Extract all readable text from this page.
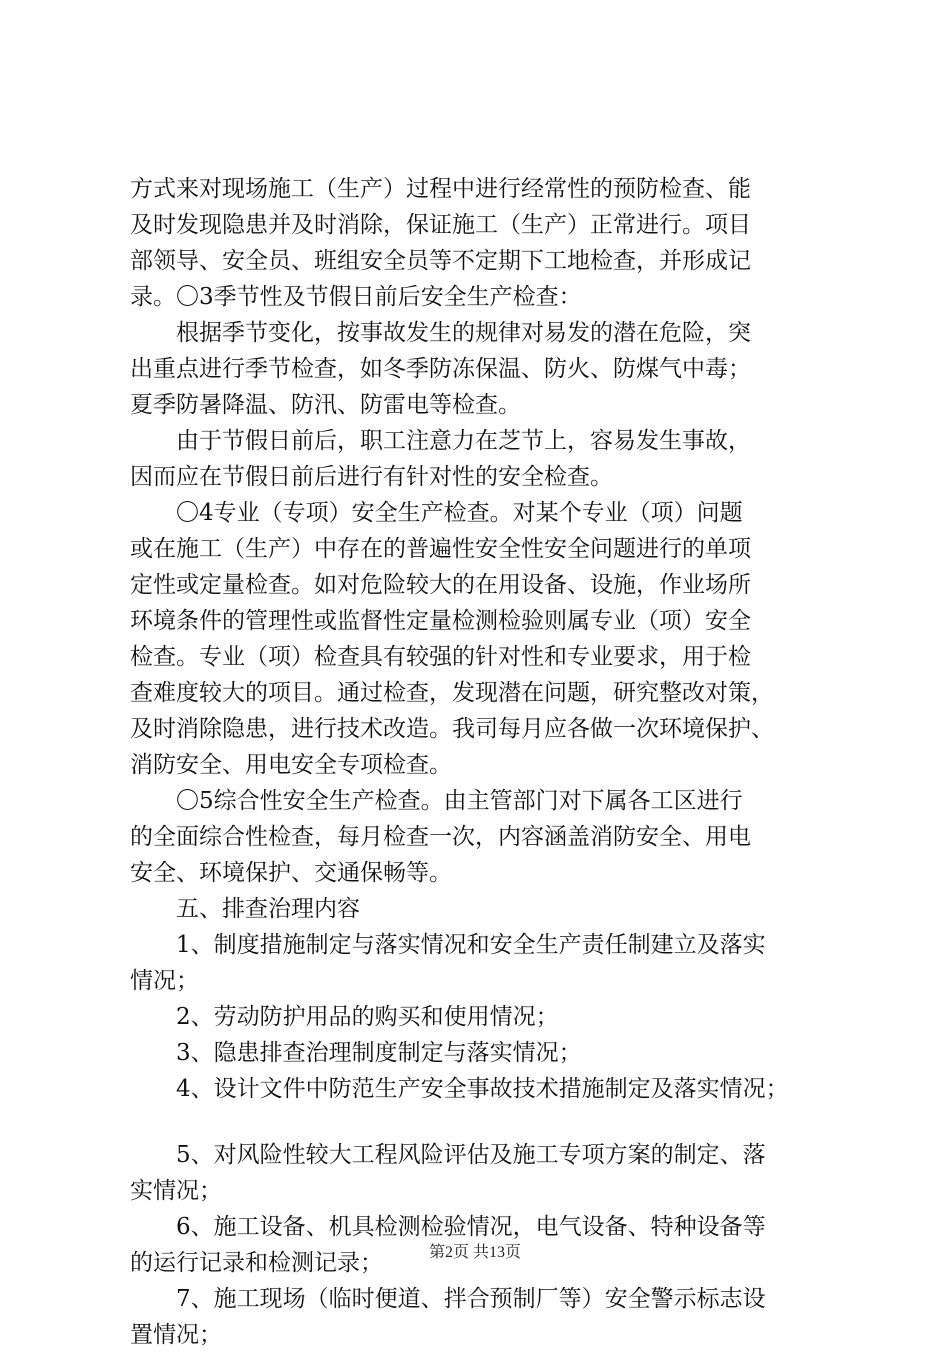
方式来对现场施工（生产）过程中进行经常性的预防检查、能
及时发现隐患并及时消除，保证施工（生产）正常进行。项目
部领导、安全员、班组安全员等不定期下工地检查，并形成记
录。〇3季节性及节假日前后安全生产检查：
根据季节变化，按事故发生的规律对易发的潜在危险，突
出重点进行季节检查，如冬季防冻保温、防火、防煤气中毒；
夏季防暑降温、防汛、防雷电等检查。
由于节假日前后，职工注意力在芝节上，容易发生事故，
因而应在节假日前后进行有针对性的安全检查。
〇4专业（专项）安全生产检查。对某个专业（项）问题
或在施工（生产）中存在的普遍性安全性安全问题进行的单项
定性或定量检查。如对危险较大的在用设备、设施，作业场所
环境条件的管理性或监督性定量检测检验则属专业（项）安全
检查。专业（项）检查具有较强的针对性和专业要求，用于检
查难度较大的项目。通过检查，发现潜在问题，研究整改对策，
及时消除隐患，进行技术改造。我司每月应各做一次环境保护、
消防安全、用电安全专项检查。
〇5综合性安全生产检查。由主管部门对下属各工区进行
的全面综合性检查，每月检查一次，内容涵盖消防安全、用电
安全、环境保护、交通保畅等。
五、排查治理内容
1、制度措施制定与落实情况和安全生产责任制建立及落实
情况；
2、劳动防护用品的购买和使用情况；
3、隐患排查治理制度制定与落实情况；
4、设计文件中防范生产安全事故技术措施制定及落实情况；
5、对风险性较大工程风险评估及施工专项方案的制定、落
实情况；
6、施工设备、机具检测检验情况，电气设备、特种设备等
的运行记录和检测记录；
7、施工现场（临时便道、拌合预制厂等）安全警示标志设
置情况；
第2页 共13页
